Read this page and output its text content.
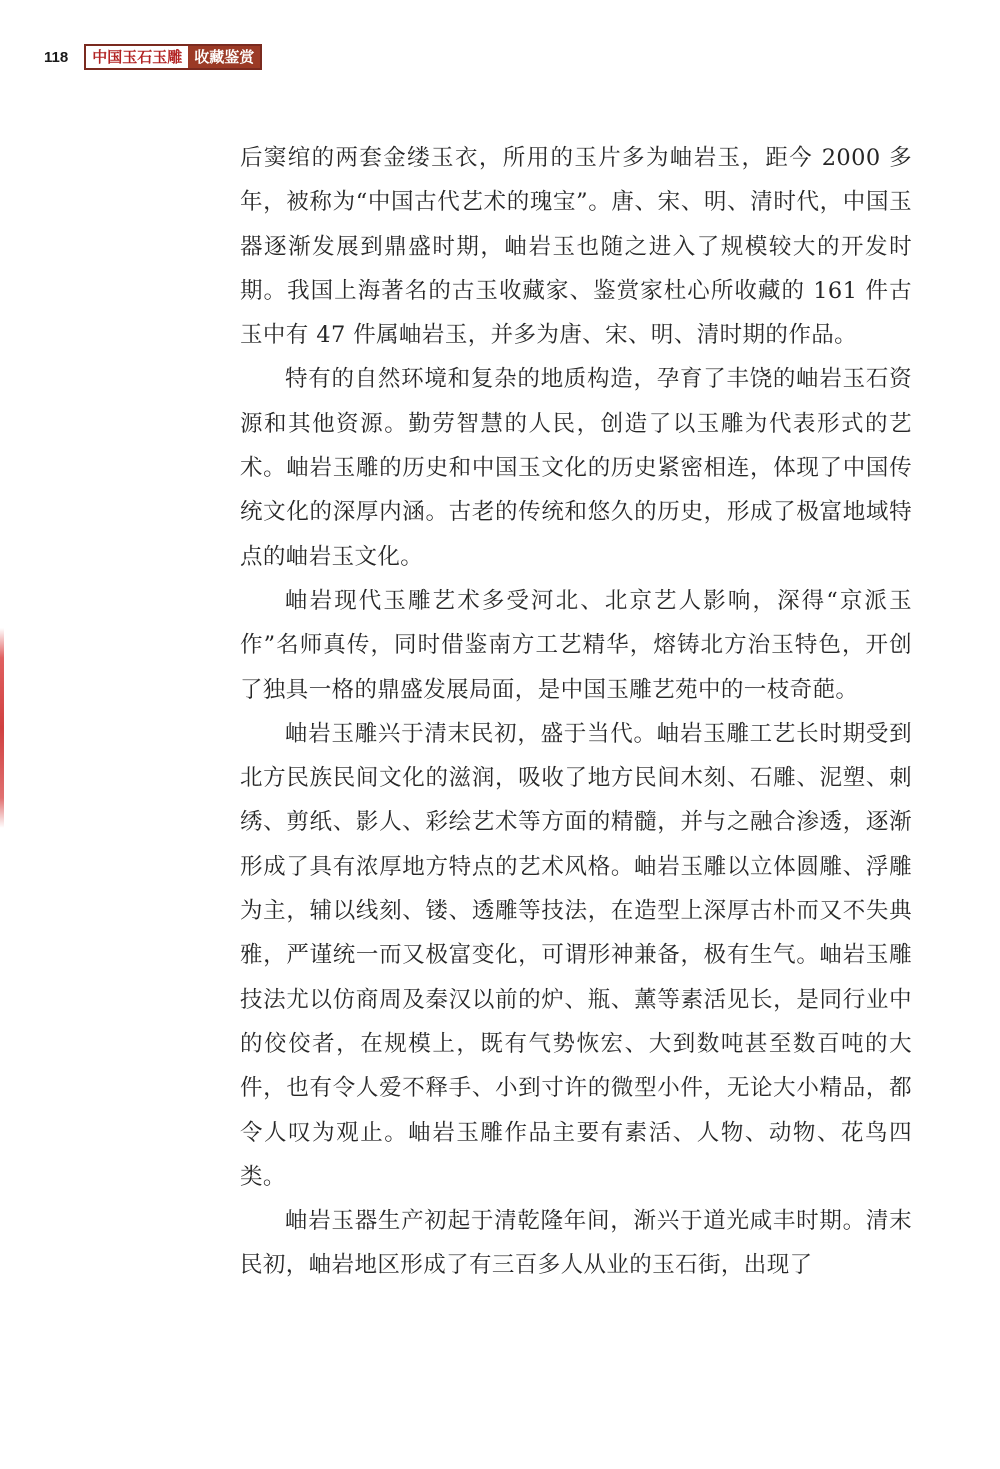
118	中国玉石玉雕 收藏鉴赏

后窦绾的两套金缕玉衣，所用的玉片多为岫岩玉，距今 2000 多年，被称为“中国古代艺术的瑰宝”。唐、宋、明、清时代，中国玉器逐渐发展到鼎盛时期，岫岩玉也随之进入了规模较大的开发时期。我国上海著名的古玉收藏家、鉴赏家杜心所收藏的 161 件古玉中有 47 件属岫岩玉，并多为唐、宋、明、清时期的作品。

特有的自然环境和复杂的地质构造，孕育了丰饶的岫岩玉石资源和其他资源。勤劳智慧的人民，创造了以玉雕为代表形式的艺术。岫岩玉雕的历史和中国玉文化的历史紧密相连，体现了中国传统文化的深厚内涵。古老的传统和悠久的历史，形成了极富地域特点的岫岩玉文化。

岫岩现代玉雕艺术多受河北、北京艺人影响，深得“京派玉作”名师真传，同时借鉴南方工艺精华，熔铸北方治玉特色，开创了独具一格的鼎盛发展局面，是中国玉雕艺苑中的一枝奇葩。

岫岩玉雕兴于清末民初，盛于当代。岫岩玉雕工艺长时期受到北方民族民间文化的滋润，吸收了地方民间木刻、石雕、泥塑、刺绣、剪纸、影人、彩绘艺术等方面的精髓，并与之融合渗透，逐渐形成了具有浓厚地方特点的艺术风格。岫岩玉雕以立体圆雕、浮雕为主，辅以线刻、镂、透雕等技法，在造型上深厚古朴而又不失典雅，严谨统一而又极富变化，可谓形神兼备，极有生气。岫岩玉雕技法尤以仿商周及秦汉以前的炉、瓶、薰等素活见长，是同行业中的佼佼者，在规模上，既有气势恢宏、大到数吨甚至数百吨的大件，也有令人爱不释手、小到寸许的微型小件，无论大小精品，都令人叹为观止。岫岩玉雕作品主要有素活、人物、动物、花鸟四类。

岫岩玉器生产初起于清乾隆年间，渐兴于道光咸丰时期。清末民初，岫岩地区形成了有三百多人从业的玉石街，出现了
